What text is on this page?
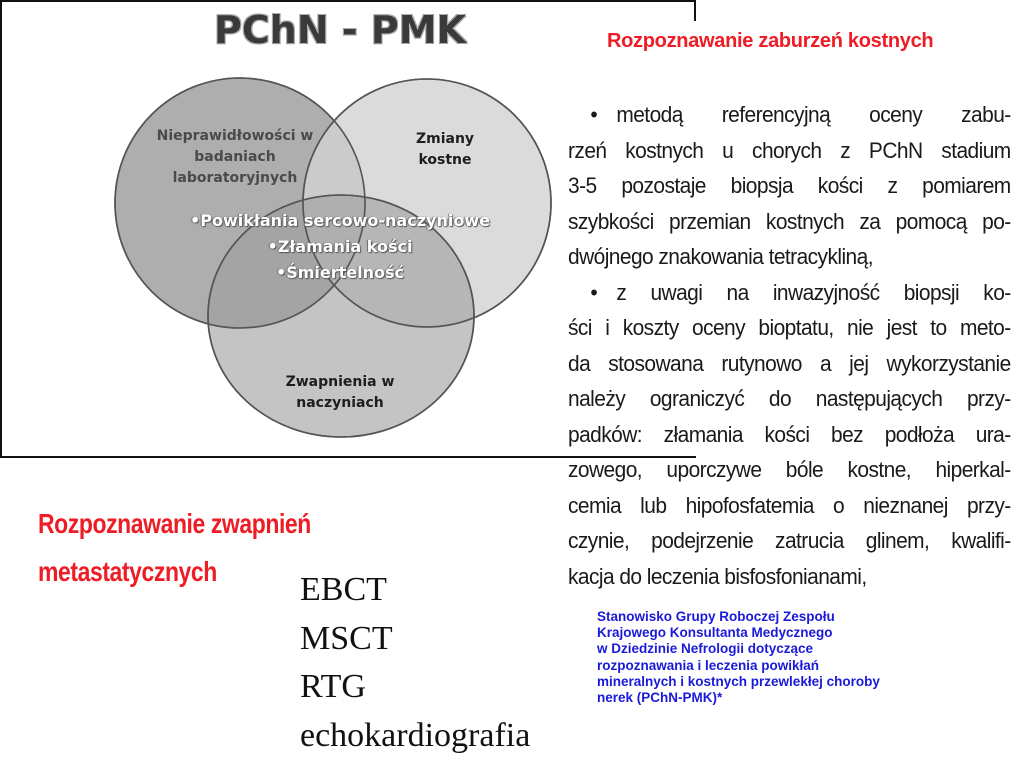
PChN - PMK
Nieprawidłowości w
badaniach
laboratoryjnych
Zmiany
kostne
Zwapnienia w
naczyniach
•Powikłania sercowo-naczyniowe
•Złamania kości
•Śmiertelność
Rozpoznawanie zaburzeń kostnych
• metodą referencyjną oceny zabu-
rzeń kostnych u chorych z PChN stadium
3-5 pozostaje biopsja kości z pomiarem
szybkości przemian kostnych za pomocą po-
dwójnego znakowania tetracykliną,
• z uwagi na inwazyjność biopsji ko-
ści i koszty oceny bioptatu, nie jest to meto-
da stosowana rutynowo a jej wykorzystanie
należy ograniczyć do następujących przy-
padków: złamania kości bez podłoża ura-
zowego, uporczywe bóle kostne, hiperkal-
cemia lub hipofosfatemia o nieznanej przy-
czynie, podejrzenie zatrucia glinem, kwalifi-
kacja do leczenia bisfosfonianami,
Rozpoznawanie zwapnień
metastatycznych	EBCT
MSCT
RTG
echokardiografia
Stanowisko Grupy Roboczej Zespołu
Krajowego Konsultanta Medycznego
w Dziedzinie Nefrologii dotyczące
rozpoznawania i leczenia powikłań
mineralnych i kostnych przewlekłej choroby
nerek (PChN-PMK)*
